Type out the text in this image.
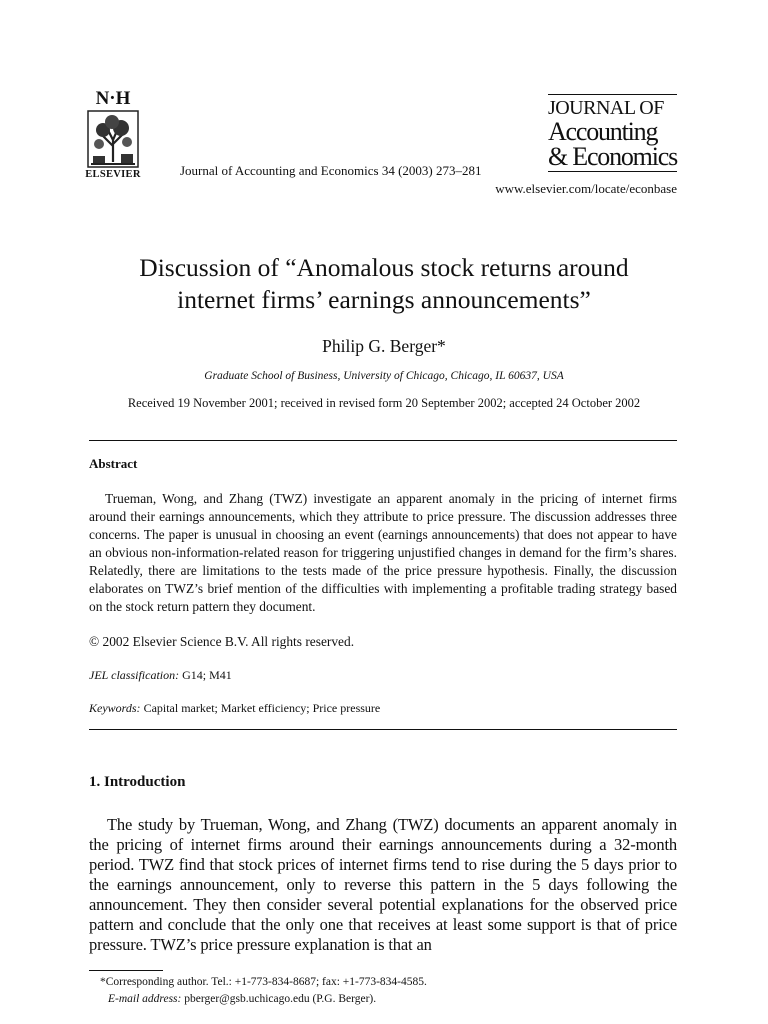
N·H
ELSEVIER	Journal of Accounting and Economics 34 (2003) 273–281
JOURNAL OF
Accounting
& Economics
www.elsevier.com/locate/econbase
Discussion of “Anomalous stock returns around
internet firms’ earnings announcements”
Philip G. Berger*
Graduate School of Business, University of Chicago, Chicago, IL 60637, USA
Received 19 November 2001; received in revised form 20 September 2002; accepted 24 October 2002
Abstract
Trueman, Wong, and Zhang (TWZ) investigate an apparent anomaly in the pricing of internet firms around their earnings announcements, which they attribute to price pressure. The discussion addresses three concerns. The paper is unusual in choosing an event (earnings announcements) that does not appear to have an obvious non-information-related reason for triggering unjustified changes in demand for the firm’s shares. Relatedly, there are limitations to the tests made of the price pressure hypothesis. Finally, the discussion elaborates on TWZ’s brief mention of the difficulties with implementing a profitable trading strategy based on the stock return pattern they document.
© 2002 Elsevier Science B.V. All rights reserved.
JEL classification: G14; M41
Keywords: Capital market; Market efficiency; Price pressure
1. Introduction
The study by Trueman, Wong, and Zhang (TWZ) documents an apparent anomaly in the pricing of internet firms around their earnings announcements during a 32-month period. TWZ find that stock prices of internet firms tend to rise during the 5 days prior to the earnings announcement, only to reverse this pattern in the 5 days following the announcement. They then consider several potential explanations for the observed price pattern and conclude that the only one that receives at least some support is that of price pressure. TWZ’s price pressure explanation is that an
*Corresponding author. Tel.: +1-773-834-8687; fax: +1-773-834-4585.
E-mail address: pberger@gsb.uchicago.edu (P.G. Berger).
